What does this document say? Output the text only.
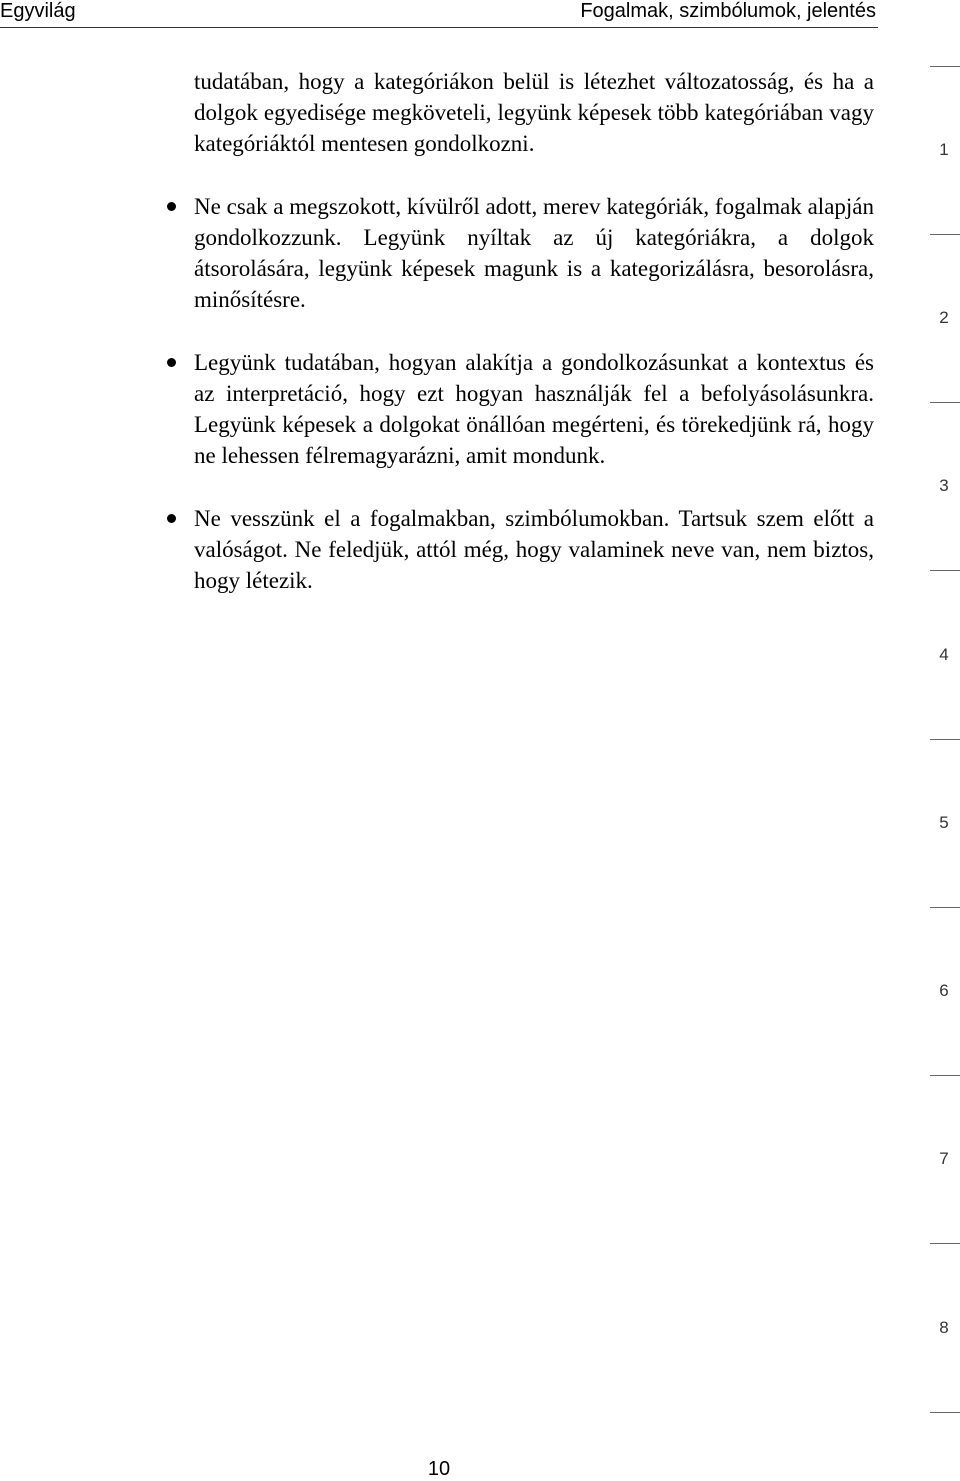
Egyvilág	Fogalmak, szimbólumok, jelentés

tudatában, hogy a kategóriákon belül is létezhet változatosság, és ha a dolgok egyedisége megköveteli, legyünk képesek több kategóriában vagy kategóriáktól mentesen gondolkozni.

Ne csak a megszokott, kívülről adott, merev kategóriák, fogalmak alapján gondolkozzunk. Legyünk nyíltak az új kategóriákra, a dolgok átsorolására, legyünk képesek magunk is a kategorizálásra, besorolásra, minősítésre.
Legyünk tudatában, hogyan alakítja a gondolkozásunkat a kontextus és az interpretáció, hogy ezt hogyan használják fel a befolyásolásunkra. Legyünk képesek a dolgokat önállóan megérteni, és törekedjünk rá, hogy ne lehessen félremagyarázni, amit mondunk.
Ne vesszünk el a fogalmakban, szimbólumokban. Tartsuk szem előtt a valóságot. Ne feledjük, attól még, hogy valaminek neve van, nem biztos, hogy létezik.
1
2
3
4
5
6
7
8
10
